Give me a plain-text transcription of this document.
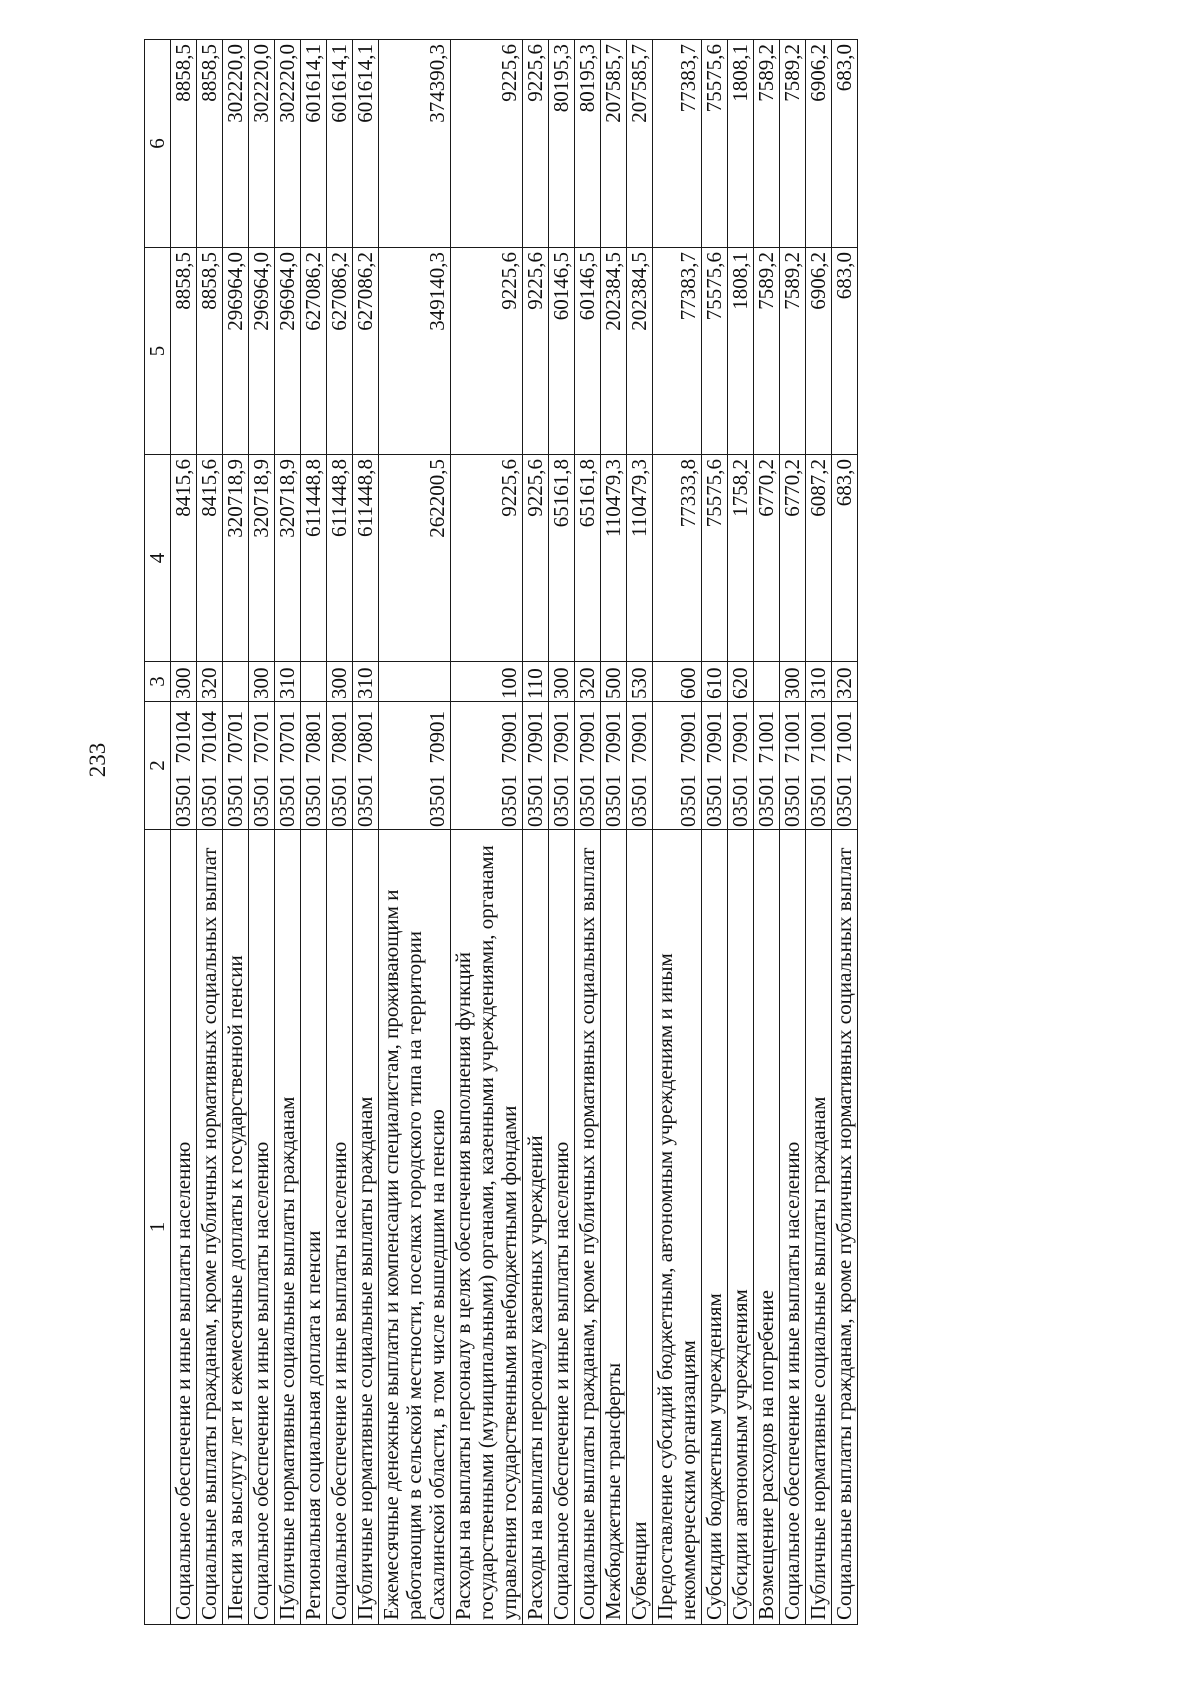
233
1	2		3	4	5	6
Социальное обеспечение и иные выплаты населению	03501	70104	300	8415,6	8858,5	8858,5
Социальные выплаты гражданам, кроме публичных нормативных социальных выплат	03501	70104	320	8415,6	8858,5	8858,5
Пенсии за выслугу лет и ежемесячные доплаты к государственной пенсии	03501	70701		320718,9	296964,0	302220,0
Социальное обеспечение и иные выплаты населению	03501	70701	300	320718,9	296964,0	302220,0
Публичные нормативные социальные выплаты гражданам	03501	70701	310	320718,9	296964,0	302220,0
Региональная социальная доплата к пенсии	03501	70801		611448,8	627086,2	601614,1
Социальное обеспечение и иные выплаты населению	03501	70801	300	611448,8	627086,2	601614,1
Публичные нормативные социальные выплаты гражданам	03501	70801	310	611448,8	627086,2	601614,1
Ежемесячные денежные выплаты и компенсации специалистам, проживающим и работающим в сельской местности, поселках городского типа на территории Сахалинской области, в том числе вышедшим на пенсию	03501	70901		262200,5	349140,3	374390,3
Расходы на выплаты персоналу в целях обеспечения выполнения функций государственными (муниципальными) органами, казенными учреждениями, органами управления государственными внебюджетными фондами	03501	70901	100	9225,6	9225,6	9225,6
Расходы на выплаты персоналу казенных учреждений	03501	70901	110	9225,6	9225,6	9225,6
Социальное обеспечение и иные выплаты населению	03501	70901	300	65161,8	60146,5	80195,3
Социальные выплаты гражданам, кроме публичных нормативных социальных выплат	03501	70901	320	65161,8	60146,5	80195,3
Межбюджетные трансферты	03501	70901	500	110479,3	202384,5	207585,7
Субвенции	03501	70901	530	110479,3	202384,5	207585,7
Предоставление субсидий бюджетным, автономным учреждениям и иным некоммерческим организациям	03501	70901	600	77333,8	77383,7	77383,7
Субсидии бюджетным учреждениям	03501	70901	610	75575,6	75575,6	75575,6
Субсидии автономным учреждениям	03501	70901	620	1758,2	1808,1	1808,1
Возмещение расходов на погребение	03501	71001		6770,2	7589,2	7589,2
Социальное обеспечение и иные выплаты населению	03501	71001	300	6770,2	7589,2	7589,2
Публичные нормативные социальные выплаты гражданам	03501	71001	310	6087,2	6906,2	6906,2
Социальные выплаты гражданам, кроме публичных нормативных социальных выплат	03501	71001	320	683,0	683,0	683,0
